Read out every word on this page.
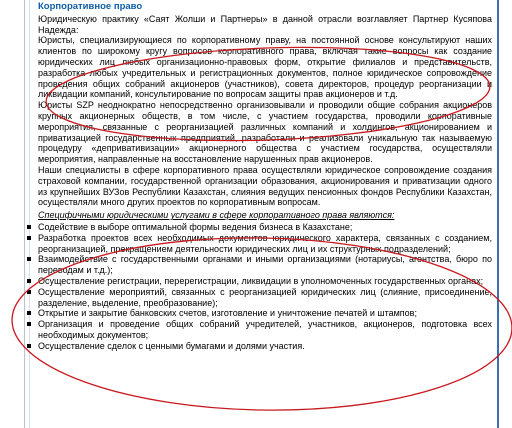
Корпоративное право

Юридическую практику «Саят Жолши и Партнеры» в данной отрасли возглавляет Партнер Кусяпова Надежда:

Юристы, специализирующиеся по корпоративному праву, на постоянной основе консультируют наших клиентов по широкому кругу вопросов корпоративного права, включая такие вопросы как создание юридических лиц любых организационно-правовых форм, открытие филиалов и представительств, разработка любых учредительных и регистрационных документов, полное юридическое сопровождение проведения общих собраний акционеров (участников), совета директоров, процедур реорганизации и ликвидации компаний, консультирование по вопросам защиты прав акционеров и т.д.

Юристы SZP неоднократно непосредственно организовывали и проводили общие собрания акционеров крупных акционерных обществ, в том числе, с участием государства, проводили корпоративные мероприятия, связанные с реорганизацией различных компаний и холдингов, акционированием и приватизацией государственных предприятий, разработали и реализовали уникальную так называемую процедуру «депривативизации» акционерного общества с участием государства, осуществляли мероприятия, направленные на восстановление нарушенных прав акционеров.

Наши специалисты в сфере корпоративного права осуществляли юридическое сопровождение создания страховой компании, государственной организации образования, акционирования и приватизации одного из крупнейших ВУЗов Республики Казахстан, слияния ведущих пенсионных фондов Республики Казахстан, осуществляли много других проектов по корпоративным вопросам.

Специфичными юридическими услугами в сфере корпоративного права являются:
Содействие в выборе оптимальной формы ведения бизнеса в Казахстане;
Разработка проектов всех необходимых документов юридического характера, связанных с созданием, реорганизацией, прекращением деятельности юридических лиц и их структурных подразделений;
Взаимодействие с государственными органами и иными организациями (нотариусы, агентства, бюро по переводам и т.д.);
Осуществление регистрации, перерегистрации, ликвидации в уполномоченных государственных органах;
Осуществление мероприятий, связанных с реорганизацией юридических лиц (слияние, присоединение, разделение, выделение, преобразование);
Открытие и закрытие банковских счетов, изготовление и уничтожение печатей и штампов;
Организация и проведение общих собраний учредителей, участников, акционеров, подготовка всех необходимых документов;
Осуществление сделок с ценными бумагами и долями участия.
